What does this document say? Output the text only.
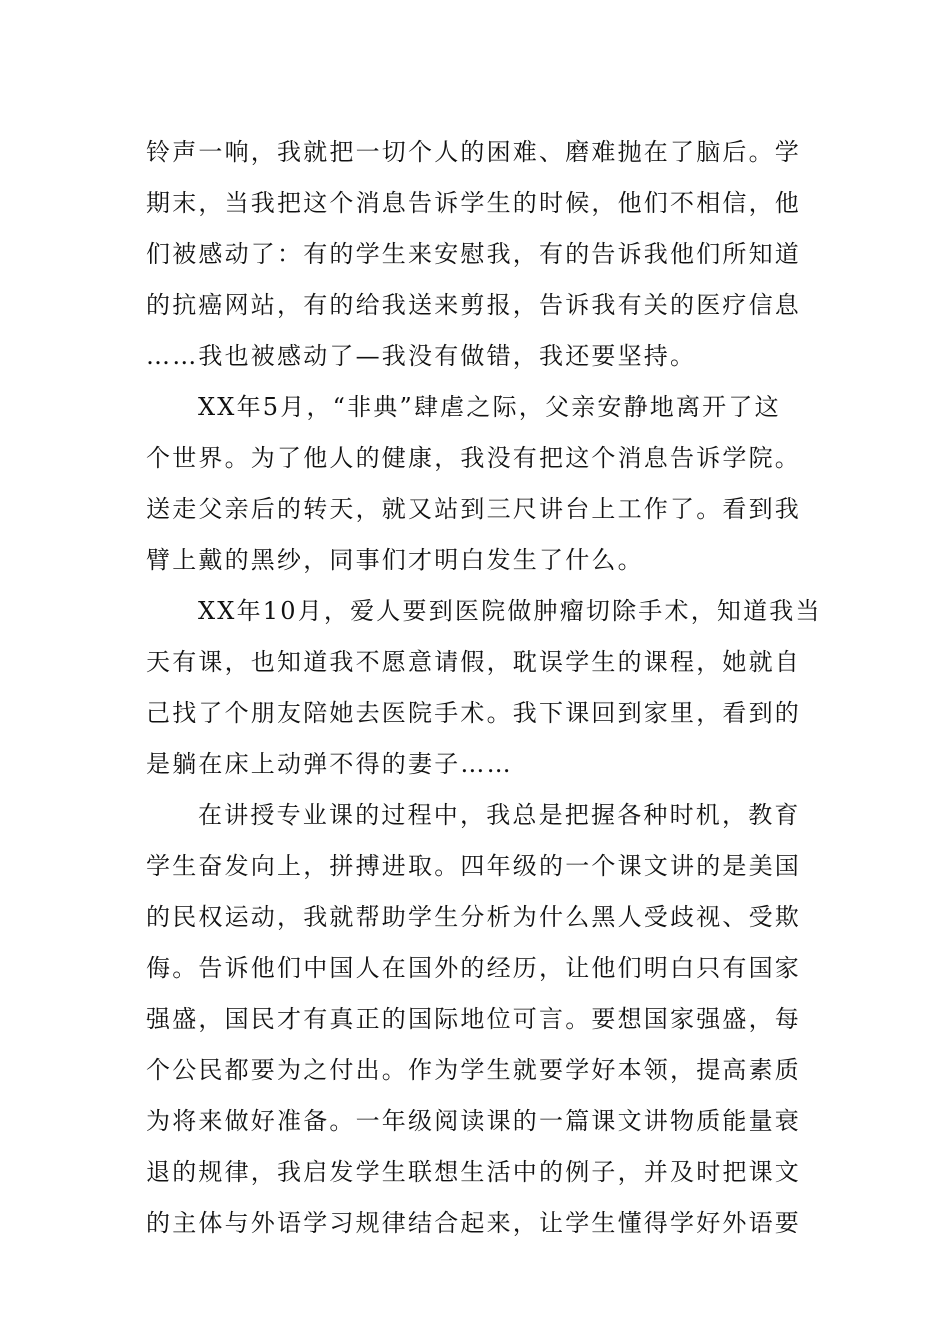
铃声一响，我就把一切个人的困难、磨难抛在了脑后。学
期末，当我把这个消息告诉学生的时候，他们不相信，他
们被感动了：有的学生来安慰我，有的告诉我他们所知道
的抗癌网站，有的给我送来剪报，告诉我有关的医疗信息
……我也被感动了—我没有做错，我还要坚持。
XX年5月，“非典”肆虐之际，父亲安静地离开了这
个世界。为了他人的健康，我没有把这个消息告诉学院。
送走父亲后的转天，就又站到三尺讲台上工作了。看到我
臂上戴的黑纱，同事们才明白发生了什么。
XX年10月，爱人要到医院做肿瘤切除手术，知道我当
天有课，也知道我不愿意请假，耽误学生的课程，她就自
己找了个朋友陪她去医院手术。我下课回到家里，看到的
是躺在床上动弹不得的妻子……
在讲授专业课的过程中，我总是把握各种时机，教育
学生奋发向上，拼搏进取。四年级的一个课文讲的是美国
的民权运动，我就帮助学生分析为什么黑人受歧视、受欺
侮。告诉他们中国人在国外的经历，让他们明白只有国家
强盛，国民才有真正的国际地位可言。要想国家强盛，每
个公民都要为之付出。作为学生就要学好本领，提高素质
为将来做好准备。一年级阅读课的一篇课文讲物质能量衰
退的规律，我启发学生联想生活中的例子，并及时把课文
的主体与外语学习规律结合起来，让学生懂得学好外语要
